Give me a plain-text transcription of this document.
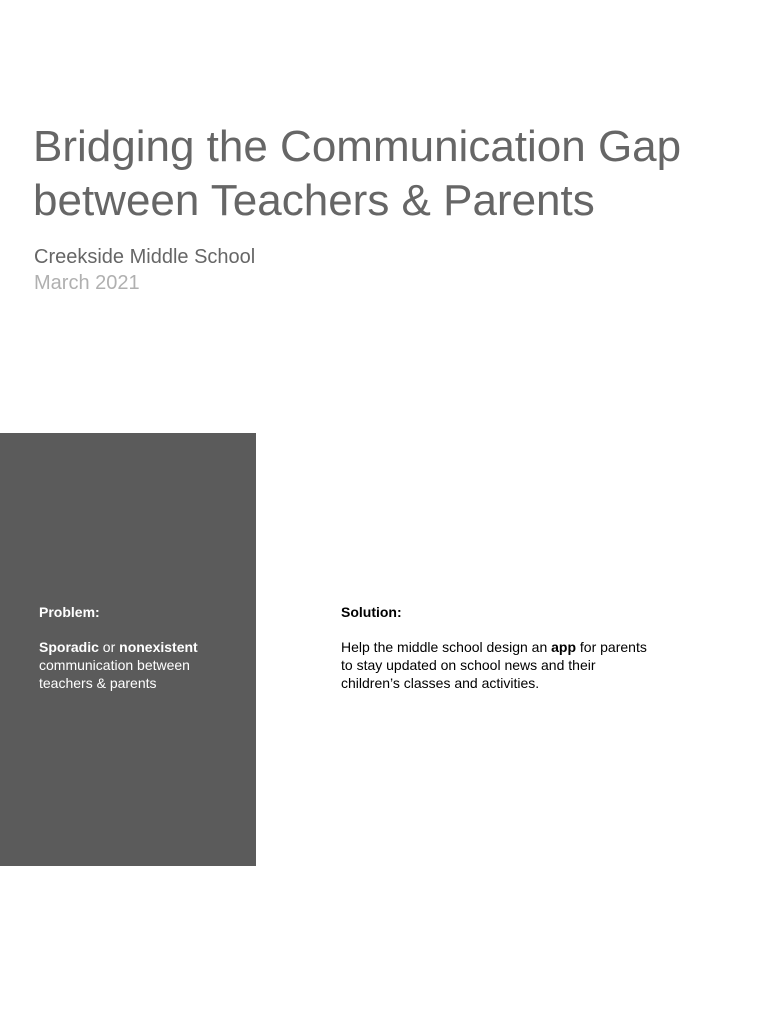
Bridging the Communication Gap
between Teachers & Parents
Creekside Middle School
March 2021
Problem:
Sporadic or nonexistent
communication between
teachers & parents
Solution:
Help the middle school design an app for parents
to stay updated on school news and their
children’s classes and activities.
